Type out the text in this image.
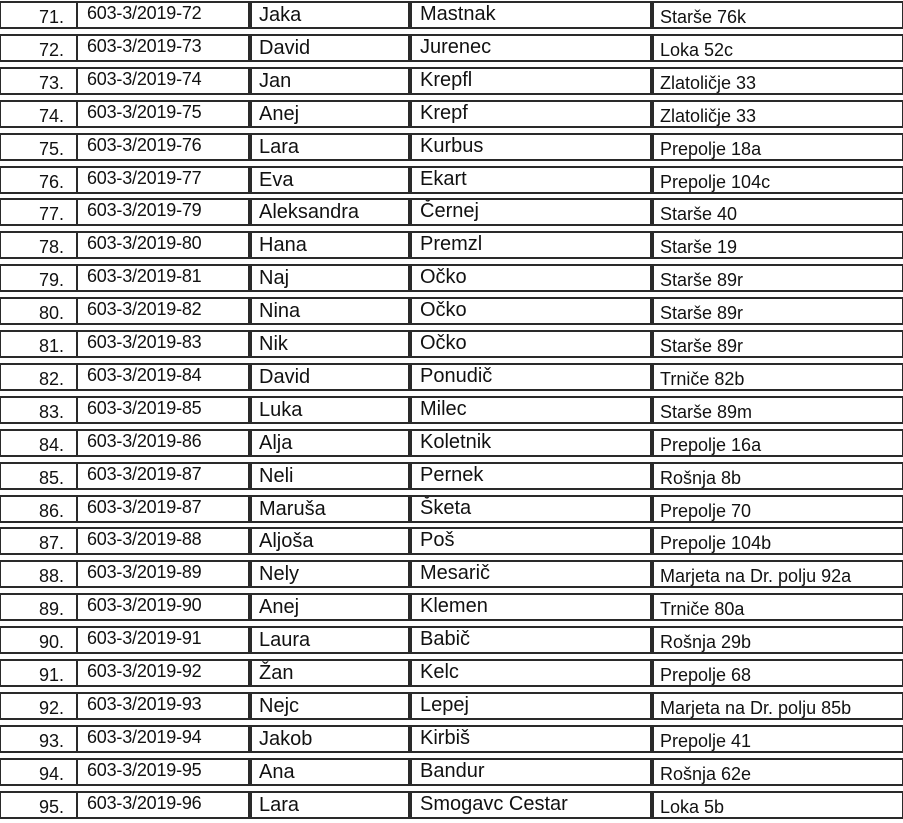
71. 603-3/2019-72	Jaka	Mastnak	Starše 76k
72. 603-3/2019-73	David	Jurenec	Loka 52c
73. 603-3/2019-74	Jan	Krepfl	Zlatoličje 33
74. 603-3/2019-75	Anej	Krepf	Zlatoličje 33
75. 603-3/2019-76	Lara	Kurbus	Prepolje 18a
76. 603-3/2019-77	Eva	Ekart	Prepolje 104c
77. 603-3/2019-79	Aleksandra	Černej	Starše 40
78. 603-3/2019-80	Hana	Premzl	Starše 19
79. 603-3/2019-81	Naj	Očko	Starše 89r
80. 603-3/2019-82	Nina	Očko	Starše 89r
81. 603-3/2019-83	Nik	Očko	Starše 89r
82. 603-3/2019-84	David	Ponudič	Trniče 82b
83. 603-3/2019-85	Luka	Milec	Starše 89m
84. 603-3/2019-86	Alja	Koletnik	Prepolje 16a
85. 603-3/2019-87	Neli	Pernek	Rošnja 8b
86. 603-3/2019-87	Maruša	Šketa	Prepolje 70
87. 603-3/2019-88	Aljoša	Poš	Prepolje 104b
88. 603-3/2019-89	Nely	Mesarič	Marjeta na Dr. polju 92a
89. 603-3/2019-90	Anej	Klemen	Trniče 80a
90. 603-3/2019-91	Laura	Babič	Rošnja 29b
91. 603-3/2019-92	Žan	Kelc	Prepolje 68
92. 603-3/2019-93	Nejc	Lepej	Marjeta na Dr. polju 85b
93. 603-3/2019-94	Jakob	Kirbiš	Prepolje 41
94. 603-3/2019-95	Ana	Bandur	Rošnja 62e
95. 603-3/2019-96	Lara	Smogavc Cestar	Loka 5b
